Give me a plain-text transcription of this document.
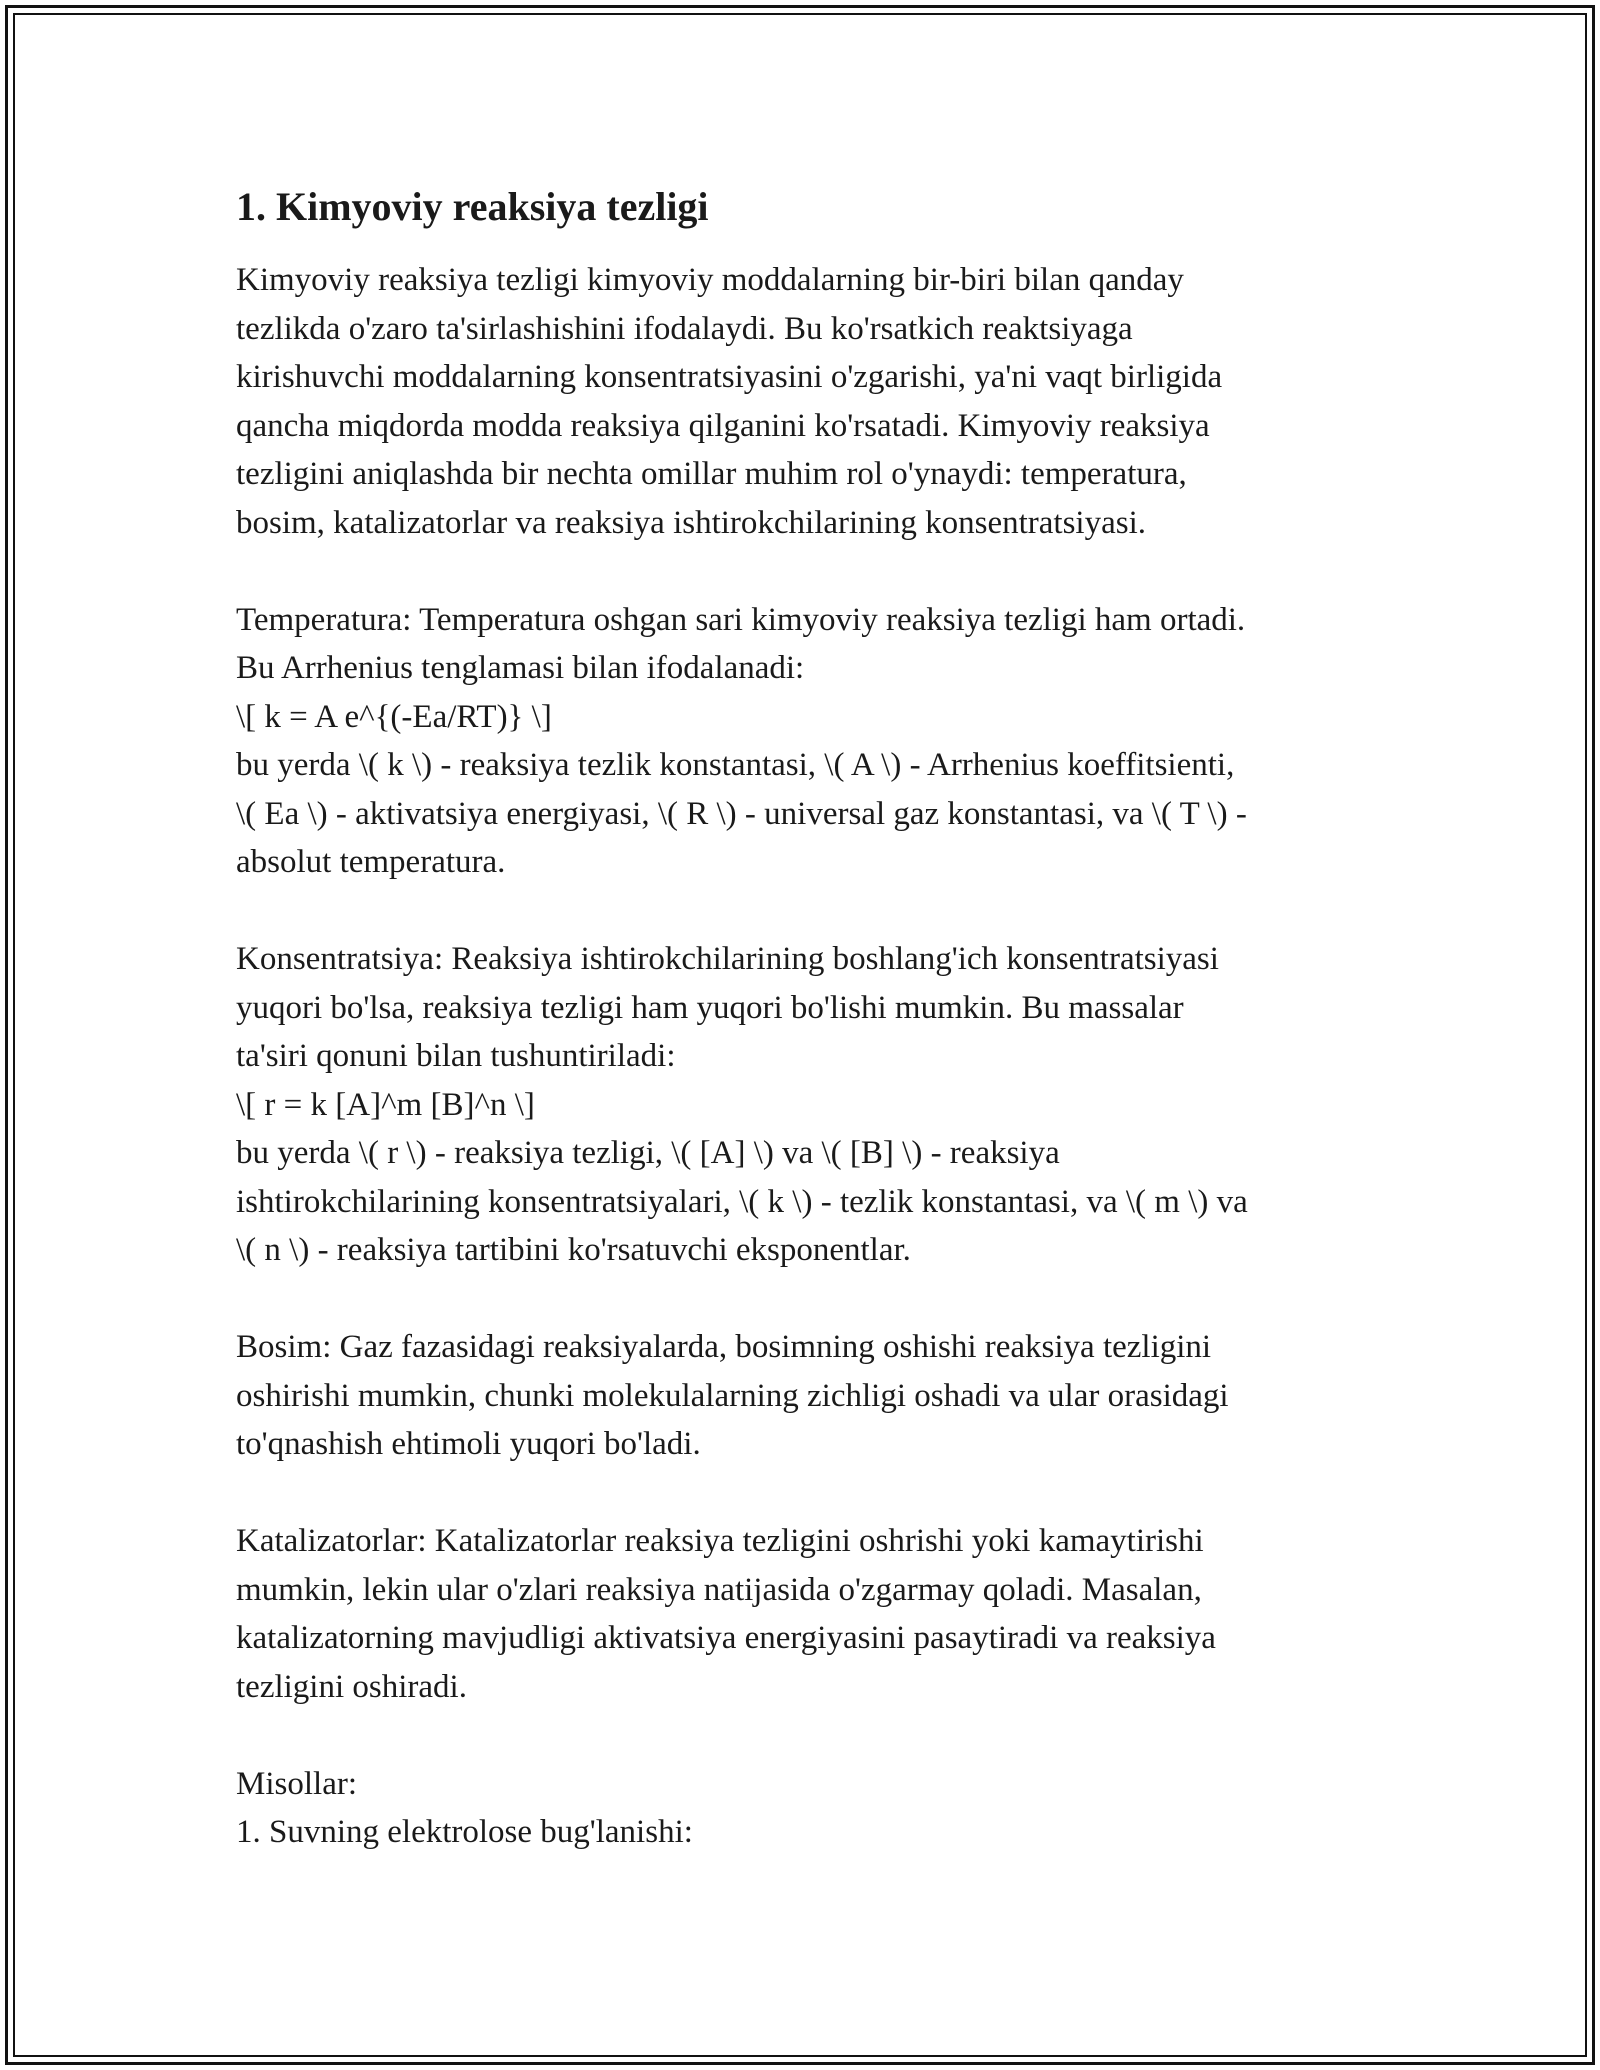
1. Kimyoviy reaksiya tezligi
Kimyoviy reaksiya tezligi kimyoviy moddalarning bir-biri bilan qanday
tezlikda o'zaro ta'sirlashishini ifodalaydi. Bu ko'rsatkich reaktsiyaga
kirishuvchi moddalarning konsentratsiyasini o'zgarishi, ya'ni vaqt birligida
qancha miqdorda modda reaksiya qilganini ko'rsatadi. Kimyoviy reaksiya
tezligini aniqlashda bir nechta omillar muhim rol o'ynaydi: temperatura,
bosim, katalizatorlar va reaksiya ishtirokchilarining konsentratsiyasi.
Temperatura: Temperatura oshgan sari kimyoviy reaksiya tezligi ham ortadi.
Bu Arrhenius tenglamasi bilan ifodalanadi:
\[ k = A e^{(-Ea/RT)} \]
bu yerda \( k \) - reaksiya tezlik konstantasi, \( A \) - Arrhenius koeffitsienti,
\( Ea \) - aktivatsiya energiyasi, \( R \) - universal gaz konstantasi, va \( T \) -
absolut temperatura.
Konsentratsiya: Reaksiya ishtirokchilarining boshlang'ich konsentratsiyasi
yuqori bo'lsa, reaksiya tezligi ham yuqori bo'lishi mumkin. Bu massalar
ta'siri qonuni bilan tushuntiriladi:
\[ r = k [A]^m [B]^n \]
bu yerda \( r \) - reaksiya tezligi, \( [A] \) va \( [B] \) - reaksiya
ishtirokchilarining konsentratsiyalari, \( k \) - tezlik konstantasi, va \( m \) va
\( n \) - reaksiya tartibini ko'rsatuvchi eksponentlar.
Bosim: Gaz fazasidagi reaksiyalarda, bosimning oshishi reaksiya tezligini
oshirishi mumkin, chunki molekulalarning zichligi oshadi va ular orasidagi
to'qnashish ehtimoli yuqori bo'ladi.
Katalizatorlar: Katalizatorlar reaksiya tezligini oshrishi yoki kamaytirishi
mumkin, lekin ular o'zlari reaksiya natijasida o'zgarmay qoladi. Masalan,
katalizatorning mavjudligi aktivatsiya energiyasini pasaytiradi va reaksiya
tezligini oshiradi.
Misollar:
1. Suvning elektrolose bug'lanishi:
